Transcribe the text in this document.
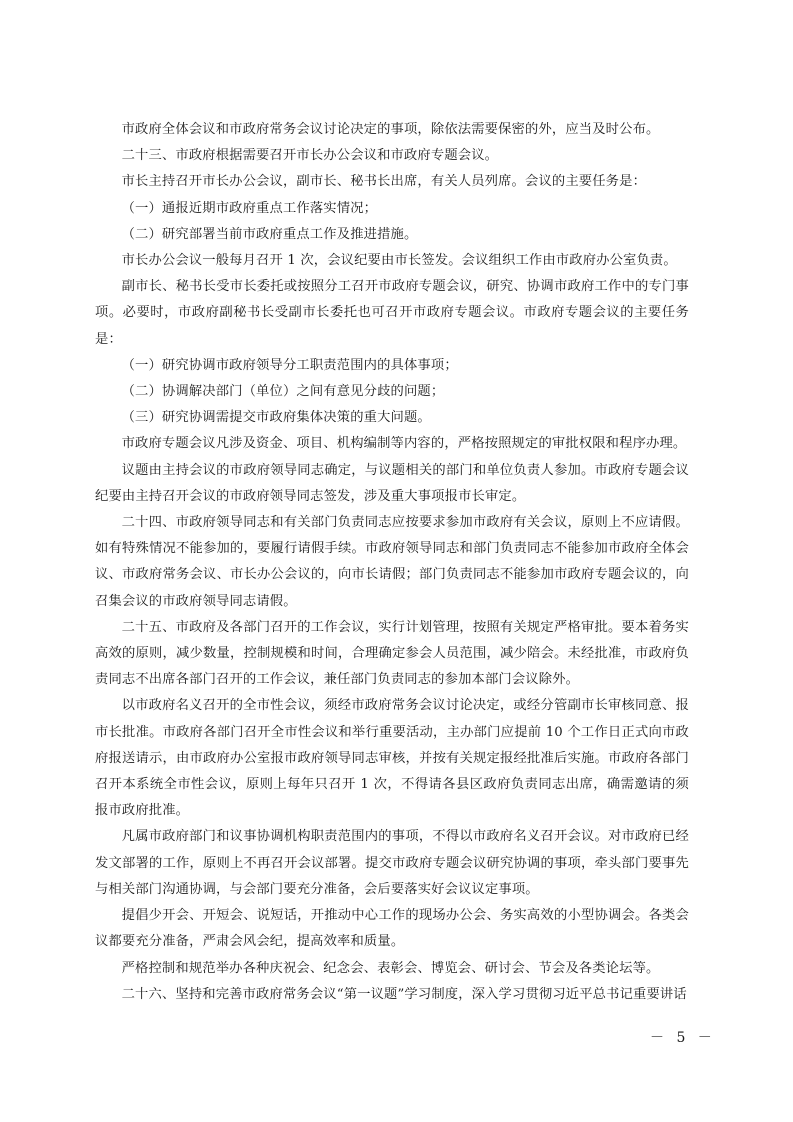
市政府全体会议和市政府常务会议讨论决定的事项，除依法需要保密的外，应当及时公布。

二十三、市政府根据需要召开市长办公会议和市政府专题会议。

市长主持召开市长办公会议，副市长、秘书长出席，有关人员列席。会议的主要任务是：

（一）通报近期市政府重点工作落实情况；

（二）研究部署当前市政府重点工作及推进措施。

市长办公会议一般每月召开 1 次，会议纪要由市长签发。会议组织工作由市政府办公室负责。

副市长、秘书长受市长委托或按照分工召开市政府专题会议，研究、协调市政府工作中的专门事项。必要时，市政府副秘书长受副市长委托也可召开市政府专题会议。市政府专题会议的主要任务是：

（一）研究协调市政府领导分工职责范围内的具体事项；

（二）协调解决部门（单位）之间有意见分歧的问题；

（三）研究协调需提交市政府集体决策的重大问题。

市政府专题会议凡涉及资金、项目、机构编制等内容的，严格按照规定的审批权限和程序办理。

议题由主持会议的市政府领导同志确定，与议题相关的部门和单位负责人参加。市政府专题会议纪要由主持召开会议的市政府领导同志签发，涉及重大事项报市长审定。

二十四、市政府领导同志和有关部门负责同志应按要求参加市政府有关会议，原则上不应请假。如有特殊情况不能参加的，要履行请假手续。市政府领导同志和部门负责同志不能参加市政府全体会议、市政府常务会议、市长办公会议的，向市长请假；部门负责同志不能参加市政府专题会议的，向召集会议的市政府领导同志请假。

二十五、市政府及各部门召开的工作会议，实行计划管理，按照有关规定严格审批。要本着务实高效的原则，减少数量，控制规模和时间，合理确定参会人员范围，减少陪会。未经批准，市政府负责同志不出席各部门召开的工作会议，兼任部门负责同志的参加本部门会议除外。

以市政府名义召开的全市性会议，须经市政府常务会议讨论决定，或经分管副市长审核同意、报市长批准。市政府各部门召开全市性会议和举行重要活动，主办部门应提前 10 个工作日正式向市政府报送请示，由市政府办公室报市政府领导同志审核，并按有关规定报经批准后实施。市政府各部门召开本系统全市性会议，原则上每年只召开 1 次，不得请各县区政府负责同志出席，确需邀请的须报市政府批准。

凡属市政府部门和议事协调机构职责范围内的事项，不得以市政府名义召开会议。对市政府已经发文部署的工作，原则上不再召开会议部署。提交市政府专题会议研究协调的事项，牵头部门要事先与相关部门沟通协调，与会部门要充分准备，会后要落实好会议议定事项。

提倡少开会、开短会、说短话，开推动中心工作的现场办公会、务实高效的小型协调会。各类会议都要充分准备，严肃会风会纪，提高效率和质量。

严格控制和规范举办各种庆祝会、纪念会、表彰会、博览会、研讨会、节会及各类论坛等。

二十六、坚持和完善市政府常务会议“第一议题”学习制度，深入学习贯彻习近平总书记重要讲话

－ 5 －
